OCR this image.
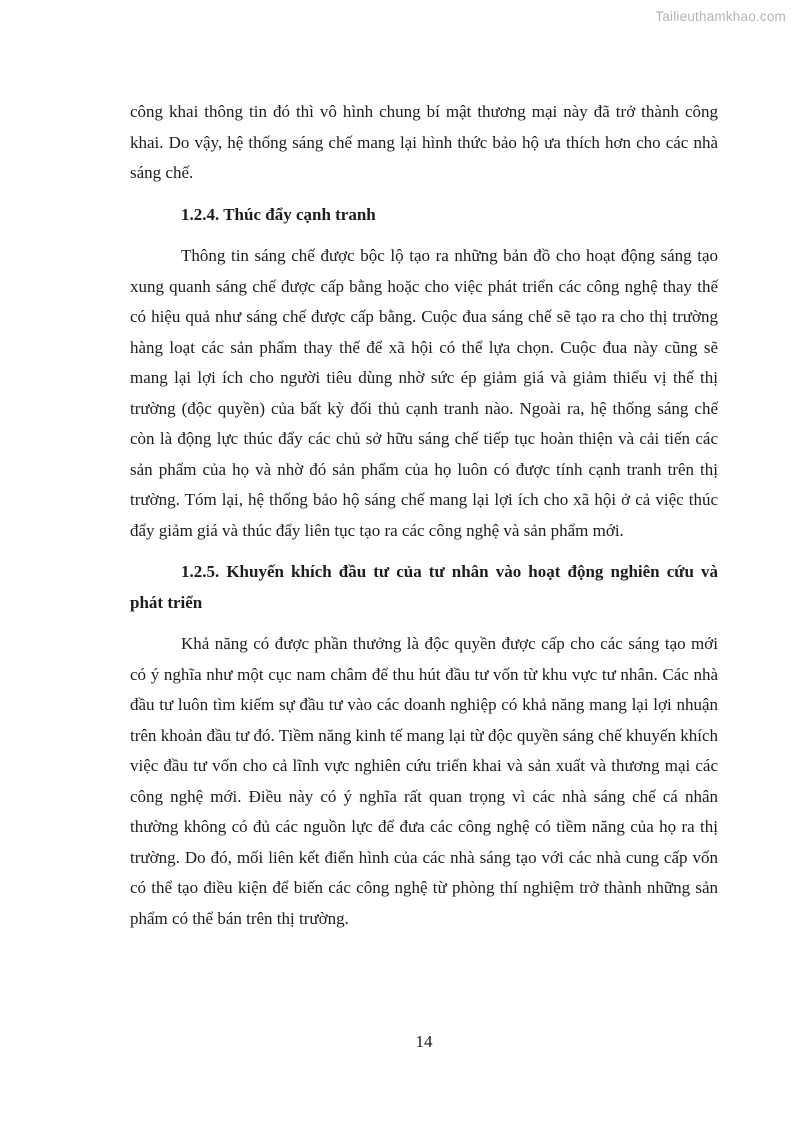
Tailieuthamkhao.com

công khai thông tin đó thì vô hình chung bí mật thương mại này đã trở thành công khai. Do vậy, hệ thống sáng chế mang lại hình thức bảo hộ ưa thích hơn cho các nhà sáng chế.

1.2.4. Thúc đẩy cạnh tranh

Thông tin sáng chế được bộc lộ tạo ra những bản đồ cho hoạt động sáng tạo xung quanh sáng chế được cấp bằng hoặc cho việc phát triển các công nghệ thay thế có hiệu quả như sáng chế được cấp bằng. Cuộc đua sáng chế sẽ tạo ra cho thị trường hàng loạt các sản phẩm thay thế để xã hội có thể lựa chọn. Cuộc đua này cũng sẽ mang lại lợi ích cho người tiêu dùng nhờ sức ép giảm giá và giảm thiểu vị thế thị trường (độc quyền) của bất kỳ đối thủ cạnh tranh nào. Ngoài ra, hệ thống sáng chế còn là động lực thúc đẩy các chủ sở hữu sáng chế tiếp tục hoàn thiện và cải tiến các sản phẩm của họ và nhờ đó sản phẩm của họ luôn có được tính cạnh tranh trên thị trường. Tóm lại, hệ thống bảo hộ sáng chế mang lại lợi ích cho xã hội ở cả việc thúc đẩy giảm giá và thúc đẩy liên tục tạo ra các công nghệ và sản phẩm mới.

1.2.5. Khuyến khích đầu tư của tư nhân vào hoạt động nghiên cứu và phát triển

Khả năng có được phần thưởng là độc quyền được cấp cho các sáng tạo mới có ý nghĩa như một cục nam châm để thu hút đầu tư vốn từ khu vực tư nhân. Các nhà đầu tư luôn tìm kiếm sự đầu tư vào các doanh nghiệp có khả năng mang lại lợi nhuận trên khoản đầu tư đó. Tiềm năng kinh tế mang lại từ độc quyền sáng chế khuyến khích việc đầu tư vốn cho cả lĩnh vực nghiên cứu triển khai và sản xuất và thương mại các công nghệ mới. Điều này có ý nghĩa rất quan trọng vì các nhà sáng chế cá nhân thường không có đủ các nguồn lực để đưa các công nghệ có tiềm năng của họ ra thị trường. Do đó, mối liên kết điển hình của các nhà sáng tạo với các nhà cung cấp vốn có thể tạo điều kiện để biến các công nghệ từ phòng thí nghiệm trở thành những sản phẩm có thể bán trên thị trường.

14
